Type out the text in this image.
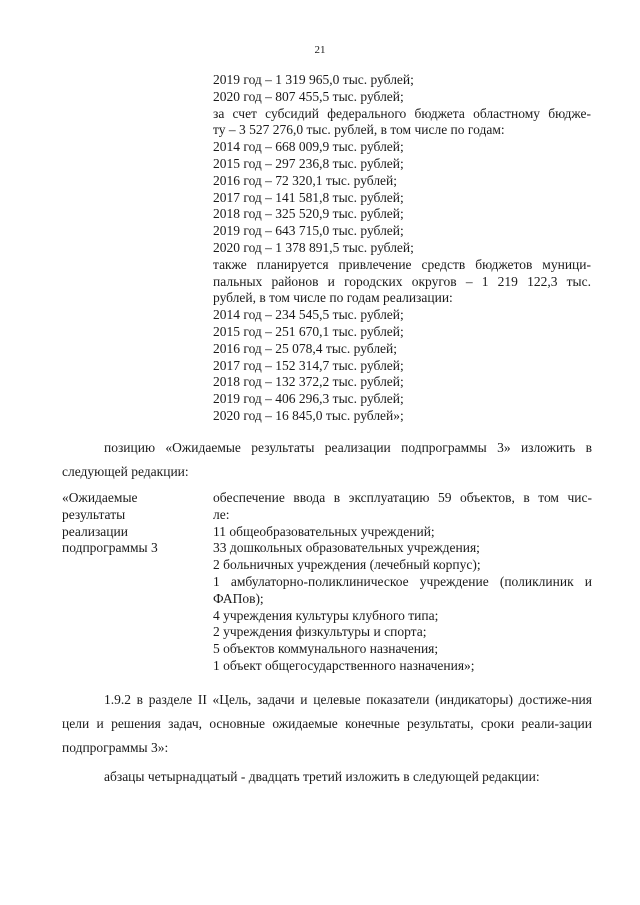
21
2019 год – 1 319 965,0 тыс. рублей;
2020 год – 807 455,5 тыс. рублей;
за счет субсидий федерального бюджета областному бюдже-
ту – 3 527 276,0 тыс. рублей, в том числе по годам:
2014 год – 668 009,9 тыс. рублей;
2015 год – 297 236,8 тыс. рублей;
2016 год – 72 320,1 тыс. рублей;
2017 год – 141 581,8 тыс. рублей;
2018 год – 325 520,9 тыс. рублей;
2019 год – 643 715,0 тыс. рублей;
2020 год – 1 378 891,5 тыс. рублей;
также планируется привлечение средств бюджетов муници-
пальных районов и городских округов – 1 219 122,3 тыс.
рублей, в том числе по годам реализации:
2014 год – 234 545,5 тыс. рублей;
2015 год – 251 670,1 тыс. рублей;
2016 год – 25 078,4 тыс. рублей;
2017 год – 152 314,7 тыс. рублей;
2018 год – 132 372,2 тыс. рублей;
2019 год – 406 296,3 тыс. рублей;
2020 год – 16 845,0 тыс. рублей»;
позицию «Ожидаемые результаты реализации подпрограммы 3» изложить в следующей редакции:
«Ожидаемые
результаты
реализации
подпрограммы 3
обеспечение ввода в эксплуатацию 59 объектов, в том чис-
ле:
11 общеобразовательных учреждений;
33 дошкольных образовательных учреждения;
2 больничных учреждения (лечебный корпус);
1 амбулаторно-поликлиническое учреждение (поликлиник и
ФАПов);
4 учреждения культуры клубного типа;
2 учреждения физкультуры и спорта;
5 объектов коммунального назначения;
1 объект общегосударственного назначения»;
1.9.2 в разделе II «Цель, задачи и целевые показатели (индикаторы) достиже-ния цели и решения задач, основные ожидаемые конечные результаты, сроки реали-зации подпрограммы 3»:
абзацы четырнадцатый - двадцать третий изложить в следующей редакции:
